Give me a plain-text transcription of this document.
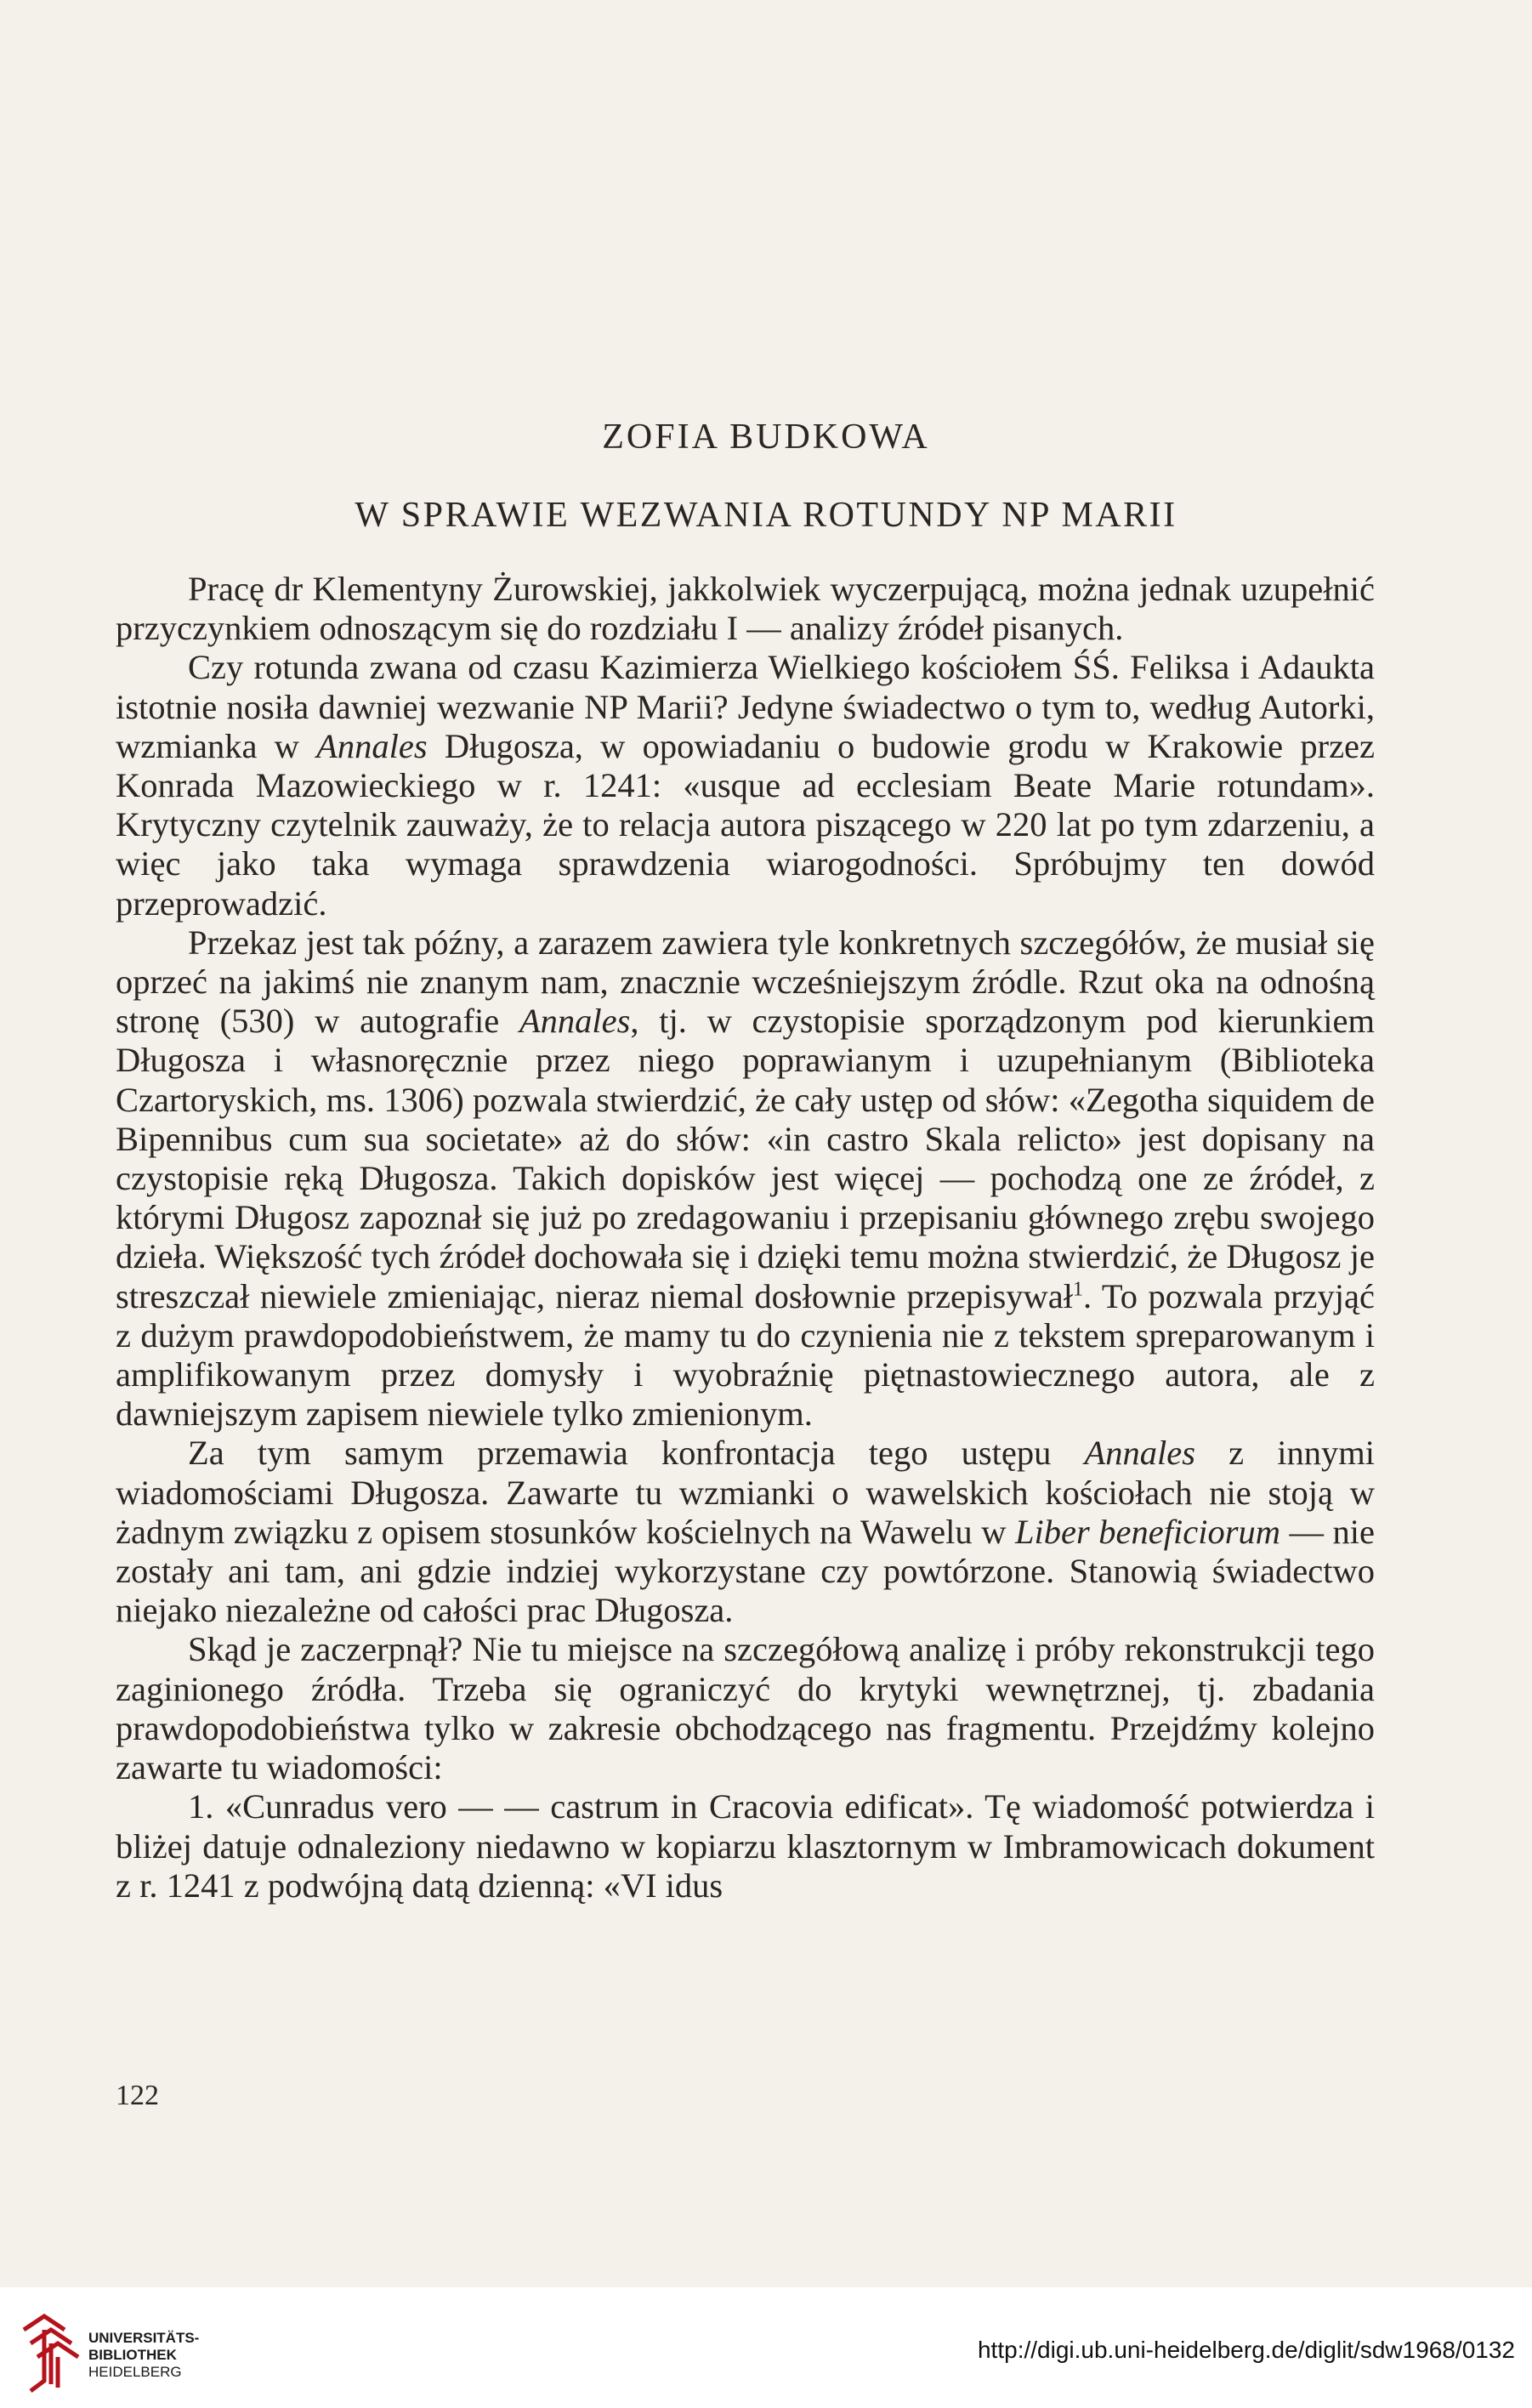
ZOFIA BUDKOWA
W SPRAWIE WEZWANIA ROTUNDY NP MARII

Pracę dr Klementyny Żurowskiej, jakkolwiek wyczerpującą, można jednak uzupełnić przyczynkiem odnoszącym się do rozdziału I — analizy źródeł pisanych.

Czy rotunda zwana od czasu Kazimierza Wielkiego kościołem ŚŚ. Feliksa i Adaukta istotnie nosiła dawniej wezwanie NP Marii? Jedyne świadectwo o tym to, według Autorki, wzmianka w Annales Długosza, w opowiadaniu o budowie grodu w Krakowie przez Konrada Mazowieckiego w r. 1241: «usque ad ecclesiam Beate Marie rotundam». Krytyczny czytelnik zauważy, że to relacja autora piszącego w 220 lat po tym zdarzeniu, a więc jako taka wymaga sprawdzenia wiarogodności. Spróbujmy ten dowód przeprowadzić.

Przekaz jest tak późny, a zarazem zawiera tyle konkretnych szczegółów, że musiał się oprzeć na jakimś nie znanym nam, znacznie wcześniejszym źródle. Rzut oka na odnośną stronę (530) w autografie Annales, tj. w czystopisie sporządzonym pod kierunkiem Długosza i własnoręcznie przez niego poprawianym i uzupełnianym (Biblioteka Czartoryskich, ms. 1306) pozwala stwierdzić, że cały ustęp od słów: «Zegotha siquidem de Bipennibus cum sua societate» aż do słów: «in castro Skala relicto» jest dopisany na czystopisie ręką Długosza. Takich dopisków jest więcej — pochodzą one ze źródeł, z którymi Długosz zapoznał się już po zredagowaniu i przepisaniu głównego zrębu swojego dzieła. Większość tych źródeł dochowała się i dzięki temu można stwierdzić, że Długosz je streszczał niewiele zmieniając, nieraz niemal dosłownie przepisywał$^1$. To pozwala przyjąć z dużym prawdopodobieństwem, że mamy tu do czynienia nie z tekstem spreparowanym i amplifikowanym przez domysły i wyobraźnię piętnastowiecznego autora, ale z dawniejszym zapisem niewiele tylko zmienionym.

Za tym samym przemawia konfrontacja tego ustępu Annales z innymi wiadomościami Długosza. Zawarte tu wzmianki o wawelskich kościołach nie stoją w żadnym związku z opisem stosunków kościelnych na Wawelu w Liber beneficiorum — nie zostały ani tam, ani gdzie indziej wykorzystane czy powtórzone. Stanowią świadectwo niejako niezależne od całości prac Długosza.

Skąd je zaczerpnął? Nie tu miejsce na szczegółową analizę i próby rekonstrukcji tego zaginionego źródła. Trzeba się ograniczyć do krytyki wewnętrznej, tj. zbadania prawdopodobieństwa tylko w zakresie obchodzącego nas fragmentu. Przejdźmy kolejno zawarte tu wiadomości:

1. «Cunradus vero — — castrum in Cracovia edificat». Tę wiadomość potwierdza i bliżej datuje odnaleziony niedawno w kopiarzu klasztornym w Imbramowicach dokument z r. 1241 z podwójną datą dzienną: «VI idus

122
UNIVERSITÄTS-
BIBLIOTHEK
HEIDELBERG
http://digi.ub.uni-heidelberg.de/diglit/sdw1968/0132
